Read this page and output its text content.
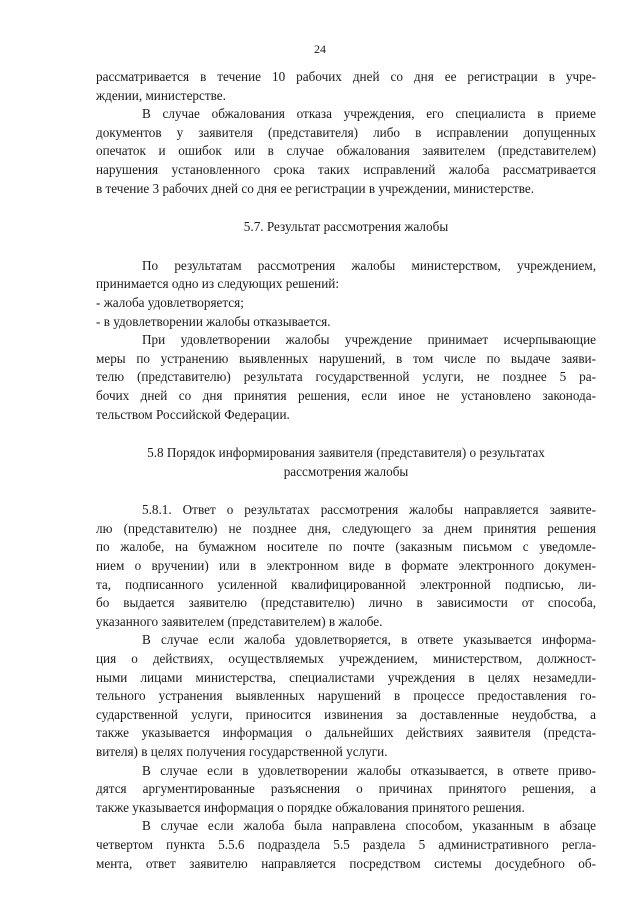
24
рассматривается в течение 10 рабочих дней со дня ее регистрации в учре-
ждении, министерстве.
В случае обжалования отказа учреждения, его специалиста в приеме
документов у заявителя (представителя) либо в исправлении допущенных
опечаток и ошибок или в случае обжалования заявителем (представителем)
нарушения установленного срока таких исправлений жалоба рассматривается
в течение 3 рабочих дней со дня ее регистрации в учреждении, министерстве.
5.7. Результат рассмотрения жалобы
По результатам рассмотрения жалобы министерством, учреждением,
принимается одно из следующих решений:
- жалоба удовлетворяется;
- в удовлетворении жалобы отказывается.
При удовлетворении жалобы учреждение принимает исчерпывающие
меры по устранению выявленных нарушений, в том числе по выдаче заяви-
телю (представителю) результата государственной услуги, не позднее 5 ра-
бочих дней со дня принятия решения, если иное не установлено законода-
тельством Российской Федерации.
5.8 Порядок информирования заявителя (представителя) о результатах
рассмотрения жалобы
5.8.1. Ответ о результатах рассмотрения жалобы направляется заявите-
лю (представителю) не позднее дня, следующего за днем принятия решения
по жалобе, на бумажном носителе по почте (заказным письмом с уведомле-
нием о вручении) или в электронном виде в формате электронного докумен-
та, подписанного усиленной квалифицированной электронной подписью, ли-
бо выдается заявителю (представителю) лично в зависимости от способа,
указанного заявителем (представителем) в жалобе.
В случае если жалоба удовлетворяется, в ответе указывается информа-
ция о действиях, осуществляемых учреждением, министерством, должност-
ными лицами министерства, специалистами учреждения в целях незамедли-
тельного устранения выявленных нарушений в процессе предоставления го-
сударственной услуги, приносится извинения за доставленные неудобства, а
также указывается информация о дальнейших действиях заявителя (предста-
вителя) в целях получения государственной услуги.
В случае если в удовлетворении жалобы отказывается, в ответе приво-
дятся аргументированные разъяснения о причинах принятого решения, а
также указывается информация о порядке обжалования принятого решения.
В случае если жалоба была направлена способом, указанным в абзаце
четвертом пункта 5.5.6 подраздела 5.5 раздела 5 административного регла-
мента, ответ заявителю направляется посредством системы досудебного об-
